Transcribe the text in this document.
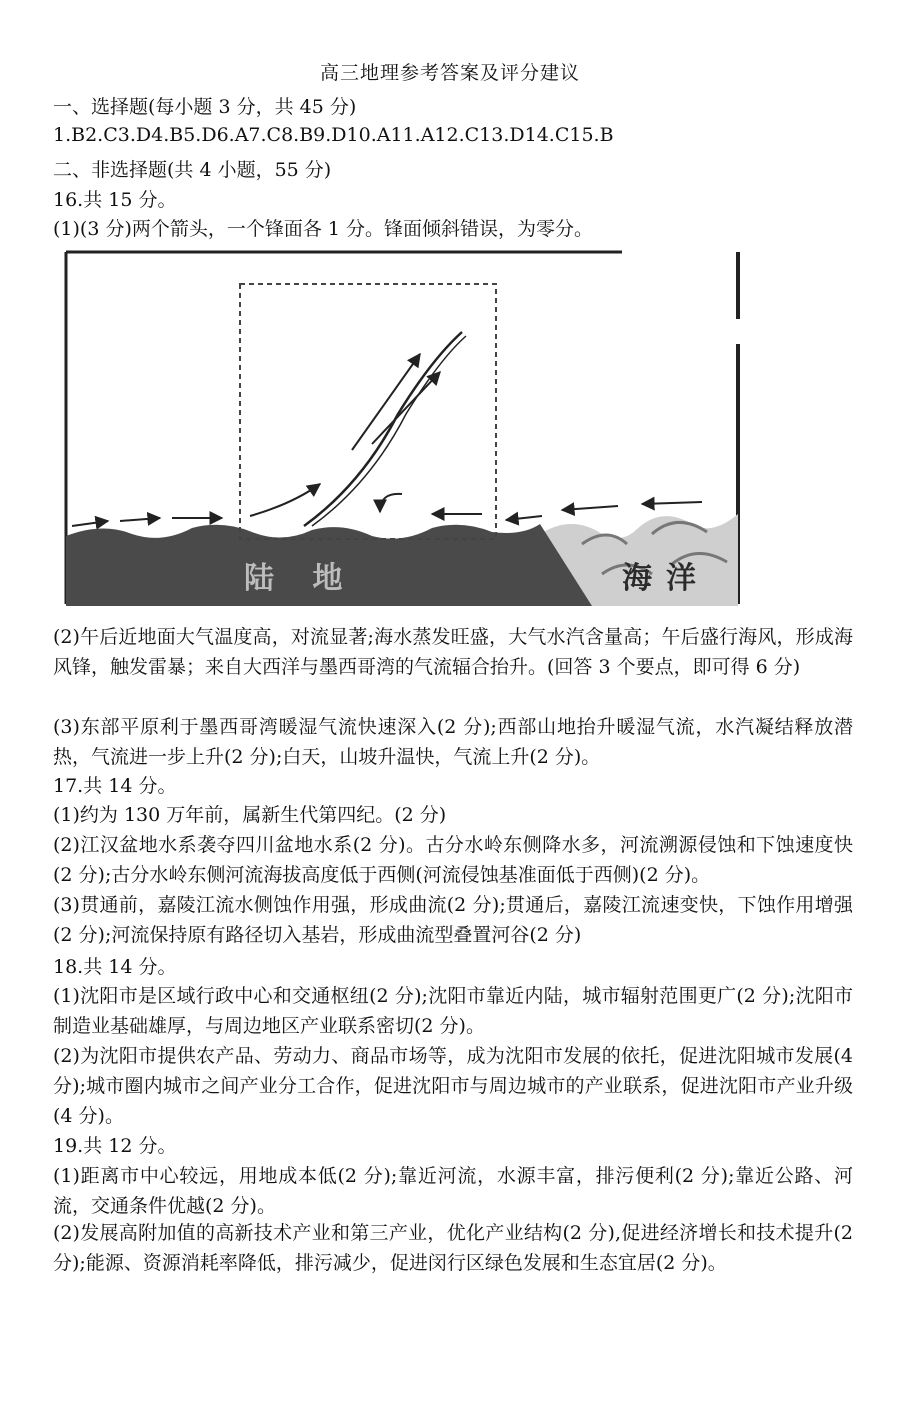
高三地理参考答案及评分建议
一、选择题(每小题 3 分，共 45 分)
1.B2.C3.D4.B5.D6.A7.C8.B9.D10.A11.A12.C13.D14.C15.B
二、非选择题(共 4 小题，55 分)
16.共 15 分。
(1)(3 分)两个箭头，一个锋面各 1 分。锋面倾斜错误，为零分。
陆 地	海洋
(2)午后近地面大气温度高，对流显著;海水蒸发旺盛，大气水汽含量高；午后盛行海风，形成海风锋，触发雷暴；来自大西洋与墨西哥湾的气流辐合抬升。(回答 3 个要点，即可得 6 分)
(3)东部平原利于墨西哥湾暖湿气流快速深入(2 分);西部山地抬升暖湿气流，水汽凝结释放潜热，气流进一步上升(2 分);白天，山坡升温快，气流上升(2 分)。
17.共 14 分。
(1)约为 130 万年前，属新生代第四纪。(2 分)
(2)江汉盆地水系袭夺四川盆地水系(2 分)。古分水岭东侧降水多，河流溯源侵蚀和下蚀速度快(2 分);古分水岭东侧河流海拔高度低于西侧(河流侵蚀基准面低于西侧)(2 分)。
(3)贯通前，嘉陵江流水侧蚀作用强，形成曲流(2 分);贯通后，嘉陵江流速变快，下蚀作用增强(2 分);河流保持原有路径切入基岩，形成曲流型叠置河谷(2 分)
18.共 14 分。
(1)沈阳市是区域行政中心和交通枢纽(2 分);沈阳市靠近内陆，城市辐射范围更广(2 分);沈阳市制造业基础雄厚，与周边地区产业联系密切(2 分)。
(2)为沈阳市提供农产品、劳动力、商品市场等，成为沈阳市发展的依托，促进沈阳城市发展(4 分);城市圈内城市之间产业分工合作，促进沈阳市与周边城市的产业联系，促进沈阳市产业升级(4 分)。
19.共 12 分。
(1)距离市中心较远，用地成本低(2 分);靠近河流，水源丰富，排污便利(2 分);靠近公路、河流，交通条件优越(2 分)。
(2)发展高附加值的高新技术产业和第三产业，优化产业结构(2 分),促进经济增长和技术提升(2 分);能源、资源消耗率降低，排污减少，促进闵行区绿色发展和生态宜居(2 分)。
